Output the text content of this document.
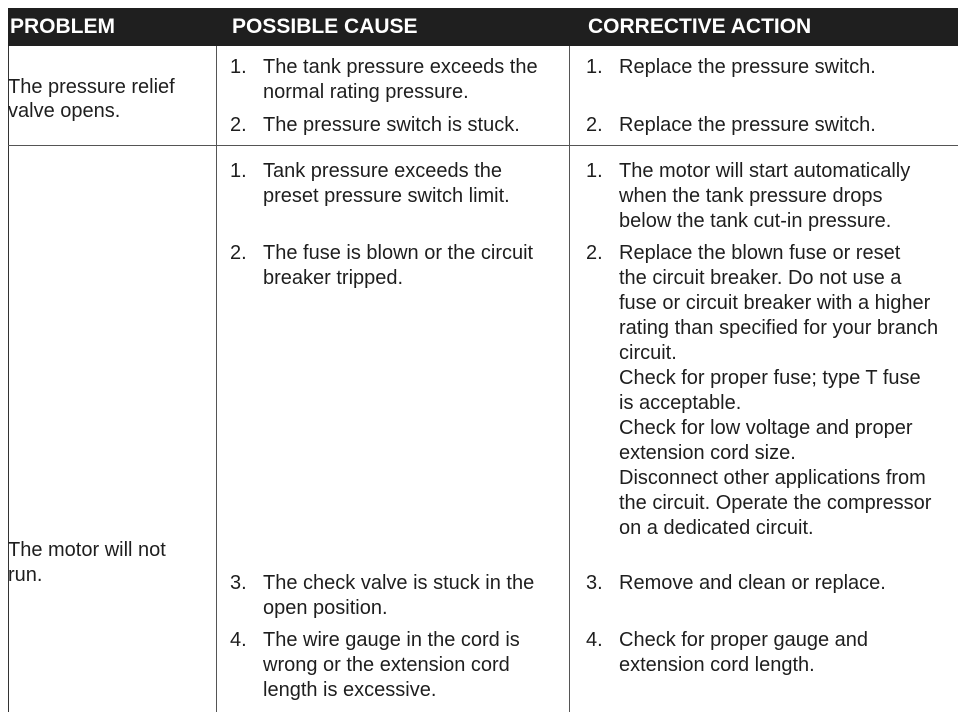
PROBLEM	POSSIBLE CAUSE	CORRECTIVE ACTION
The pressure relief
valve opens.
1. The tank pressure exceeds the
normal rating pressure.
2. The pressure switch is stuck.
1. Replace the pressure switch.
2. Replace the pressure switch.
The motor will not
run.
1. Tank pressure exceeds the
preset pressure switch limit.
2. The fuse is blown or the circuit
breaker tripped.
3. The check valve is stuck in the
open position.
4. The wire gauge in the cord is
wrong or the extension cord
length is excessive.
1. The motor will start automatically
when the tank pressure drops
below the tank cut-in pressure.
2. Replace the blown fuse or reset
the circuit breaker. Do not use a
fuse or circuit breaker with a higher
rating than specified for your branch
circuit.
Check for proper fuse; type T fuse
is acceptable.
Check for low voltage and proper
extension cord size.
Disconnect other applications from
the circuit. Operate the compressor
on a dedicated circuit.
3. Remove and clean or replace.
4. Check for proper gauge and
extension cord length.
